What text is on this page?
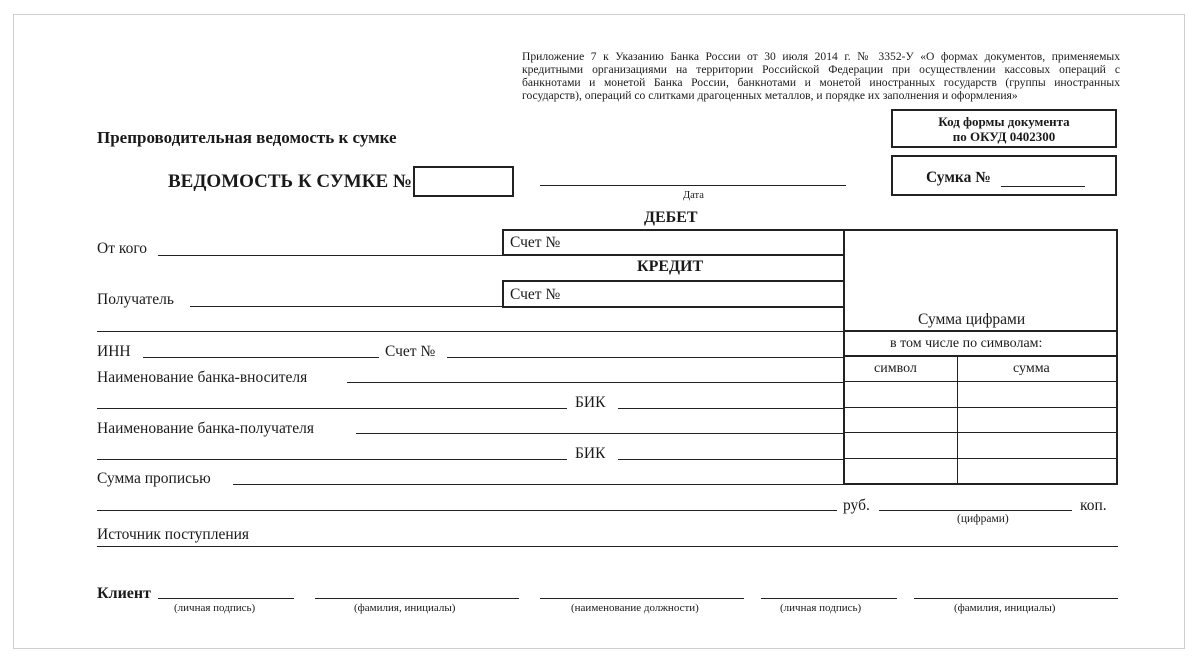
Приложение 7 к Указанию Банка России от 30 июля 2014 г. № 3352-У «О формах документов, применяемых кредитными организациями на территории Российской Федерации при осуществлении кассовых операций с банкнотами и монетой Банка России, банкнотами и монетой иностранных государств (группы иностранных государств), операций со слитками драгоценных металлов, и порядке их заполнения и оформления»
Препроводительная ведомость к сумке
Код формы документа
по ОКУД 0402300
Сумка №
ВЕДОМОСТЬ К СУМКЕ №
Дата
ДЕБЕТ
Сумма цифрами
Счет №
От кого
КРЕДИТ
Счет №
Получатель
в том числе по символам:
ИНН	Счет №
символ	сумма
Наименование банка-вносителя
БИК
Наименование банка-получателя
БИК
Сумма прописью
руб.	коп.
(цифрами)
Источник поступления
Клиент
(личная подпись)	(фамилия, инициалы)	(наименование должности)	(личная подпись)	(фамилия, инициалы)
